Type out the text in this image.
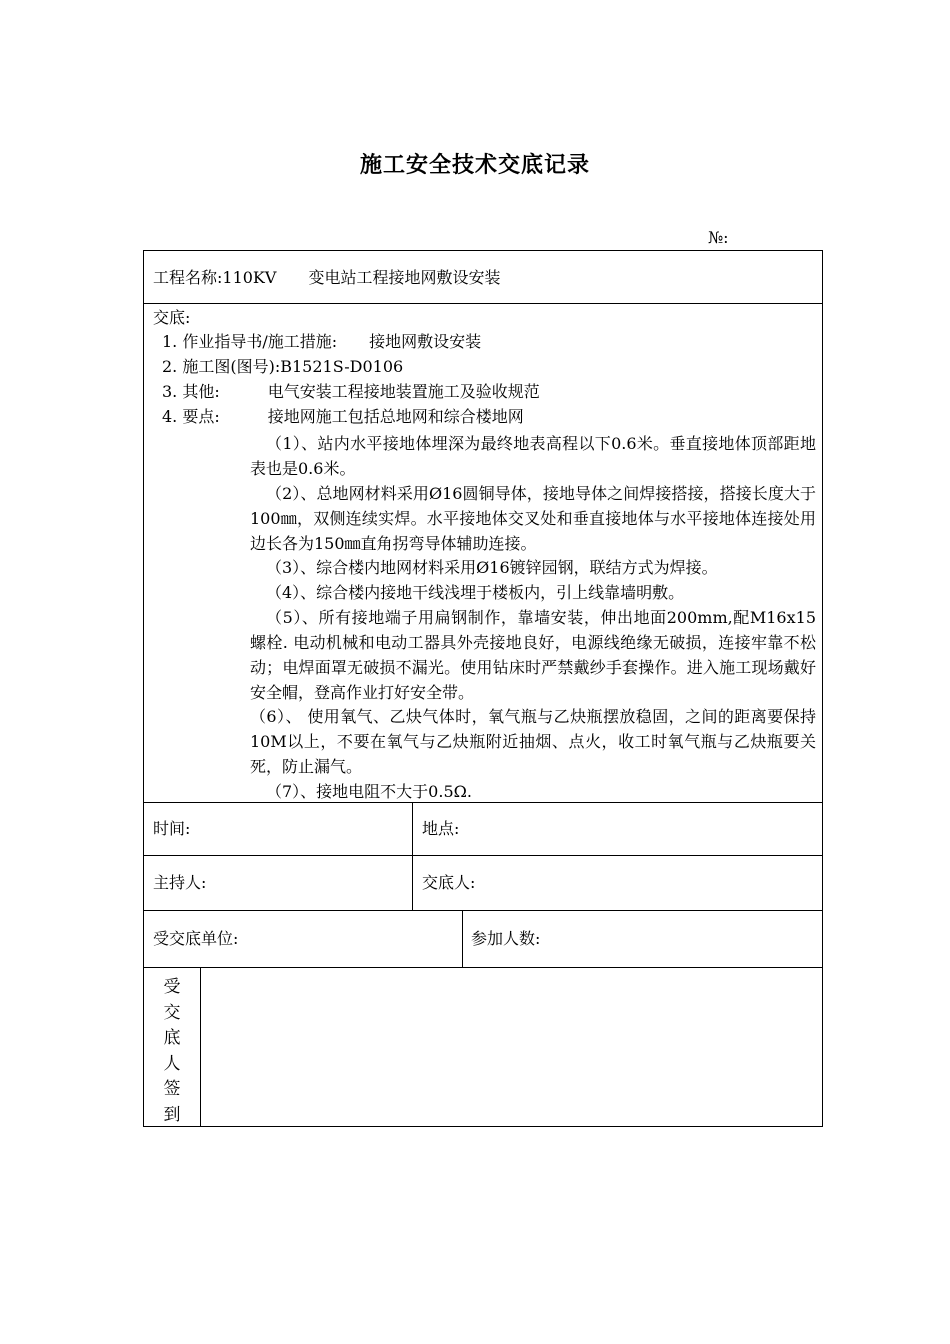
施工安全技术交底记录
№:
工程名称:110KV　　变电站工程接地网敷设安装
交底:
1. 作业指导书/施工措施:　　接地网敷设安装
2. 施工图(图号):B1521S-D0106
3. 其他:　　　电气安装工程接地装置施工及验收规范
4. 要点:　　　接地网施工包括总地网和综合楼地网
（1）、站内水平接地体埋深为最终地表高程以下0.6米。垂直接地体顶部距地表也是0.6米。
（2）、总地网材料采用Ø16圆铜导体，接地导体之间焊接搭接，搭接长度大于100㎜，双侧连续实焊。水平接地体交叉处和垂直接地体与水平接地体连接处用边长各为150㎜直角拐弯导体辅助连接。
（3）、综合楼内地网材料采用Ø16镀锌园钢，联结方式为焊接。
（4）、综合楼内接地干线浅埋于楼板内，引上线靠墙明敷。
（5）、所有接地端子用扁钢制作，靠墙安装，伸出地面200mm,配M16x15螺栓. 电动机械和电动工器具外壳接地良好，电源线绝缘无破损，连接牢靠不松动；电焊面罩无破损不漏光。使用钻床时严禁戴纱手套操作。进入施工现场戴好安全帽，登高作业打好安全带。
（6）、 使用氧气、乙炔气体时，氧气瓶与乙炔瓶摆放稳固，之间的距离要保持10M以上，不要在氧气与乙炔瓶附近抽烟、点火，收工时氧气瓶与乙炔瓶要关死，防止漏气。
（7）、接地电阻不大于0.5Ω.
时间:	地点:
主持人:	交底人:
受交底单位:	参加人数:
受
交
底
人
签
到
